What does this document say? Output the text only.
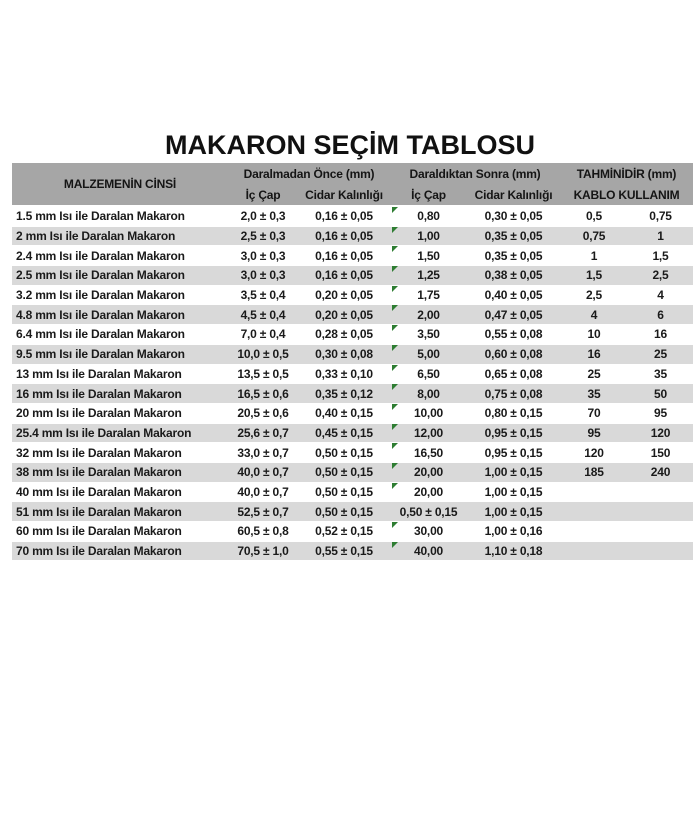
MAKARON SEÇİM TABLOSU
MALZEMENİN CİNSİ
Daralmadan Önce (mm)	Daraldıktan Sonra (mm)	TAHMİNİDİR (mm)
İç Çap	Cidar Kalınlığı	İç Çap	Cidar Kalınlığı	KABLO KULLANIM
1.5 mm Isı ile Daralan Makaron	2,0 ± 0,3 0,16 ± 0,05	0,80	0,30 ± 0,05	0,5	0,75
2 mm Isı ile Daralan Makaron	2,5 ± 0,3 0,16 ± 0,05	1,00	0,35 ± 0,05	0,75	1
2.4 mm Isı ile Daralan Makaron	3,0 ± 0,3 0,16 ± 0,05	1,50	0,35 ± 0,05	1	1,5
2.5 mm Isı ile Daralan Makaron	3,0 ± 0,3 0,16 ± 0,05	1,25	0,38 ± 0,05	1,5	2,5
3.2 mm Isı ile Daralan Makaron	3,5 ± 0,4 0,20 ± 0,05	1,75	0,40 ± 0,05	2,5	4
4.8 mm Isı ile Daralan Makaron	4,5 ± 0,4 0,20 ± 0,05	2,00	0,47 ± 0,05	4	6
6.4 mm Isı ile Daralan Makaron	7,0 ± 0,4 0,28 ± 0,05	3,50	0,55 ± 0,08	10	16
9.5 mm Isı ile Daralan Makaron	10,0 ± 0,5 0,30 ± 0,08	5,00	0,60 ± 0,08	16	25
13 mm Isı ile Daralan Makaron	13,5 ± 0,5 0,33 ± 0,10	6,50	0,65 ± 0,08	25	35
16 mm Isı ile Daralan Makaron	16,5 ± 0,6 0,35 ± 0,12	8,00	0,75 ± 0,08	35	50
20 mm Isı ile Daralan Makaron	20,5 ± 0,6 0,40 ± 0,15	10,00	0,80 ± 0,15	70	95
25.4 mm Isı ile Daralan Makaron	25,6 ± 0,7 0,45 ± 0,15	12,00	0,95 ± 0,15	95	120
32 mm Isı ile Daralan Makaron	33,0 ± 0,7 0,50 ± 0,15	16,50	0,95 ± 0,15	120	150
38 mm Isı ile Daralan Makaron	40,0 ± 0,7 0,50 ± 0,15	20,00	1,00 ± 0,15	185	240
40 mm Isı ile Daralan Makaron	40,0 ± 0,7 0,50 ± 0,15	20,00	1,00 ± 0,15
51 mm Isı ile Daralan Makaron	52,5 ± 0,7 0,50 ± 0,15 0,50 ± 0,15 1,00 ± 0,15
60 mm Isı ile Daralan Makaron	60,5 ± 0,8 0,52 ± 0,15	30,00	1,00 ± 0,16
70 mm Isı ile Daralan Makaron	70,5 ± 1,0 0,55 ± 0,15	40,00	1,10 ± 0,18
